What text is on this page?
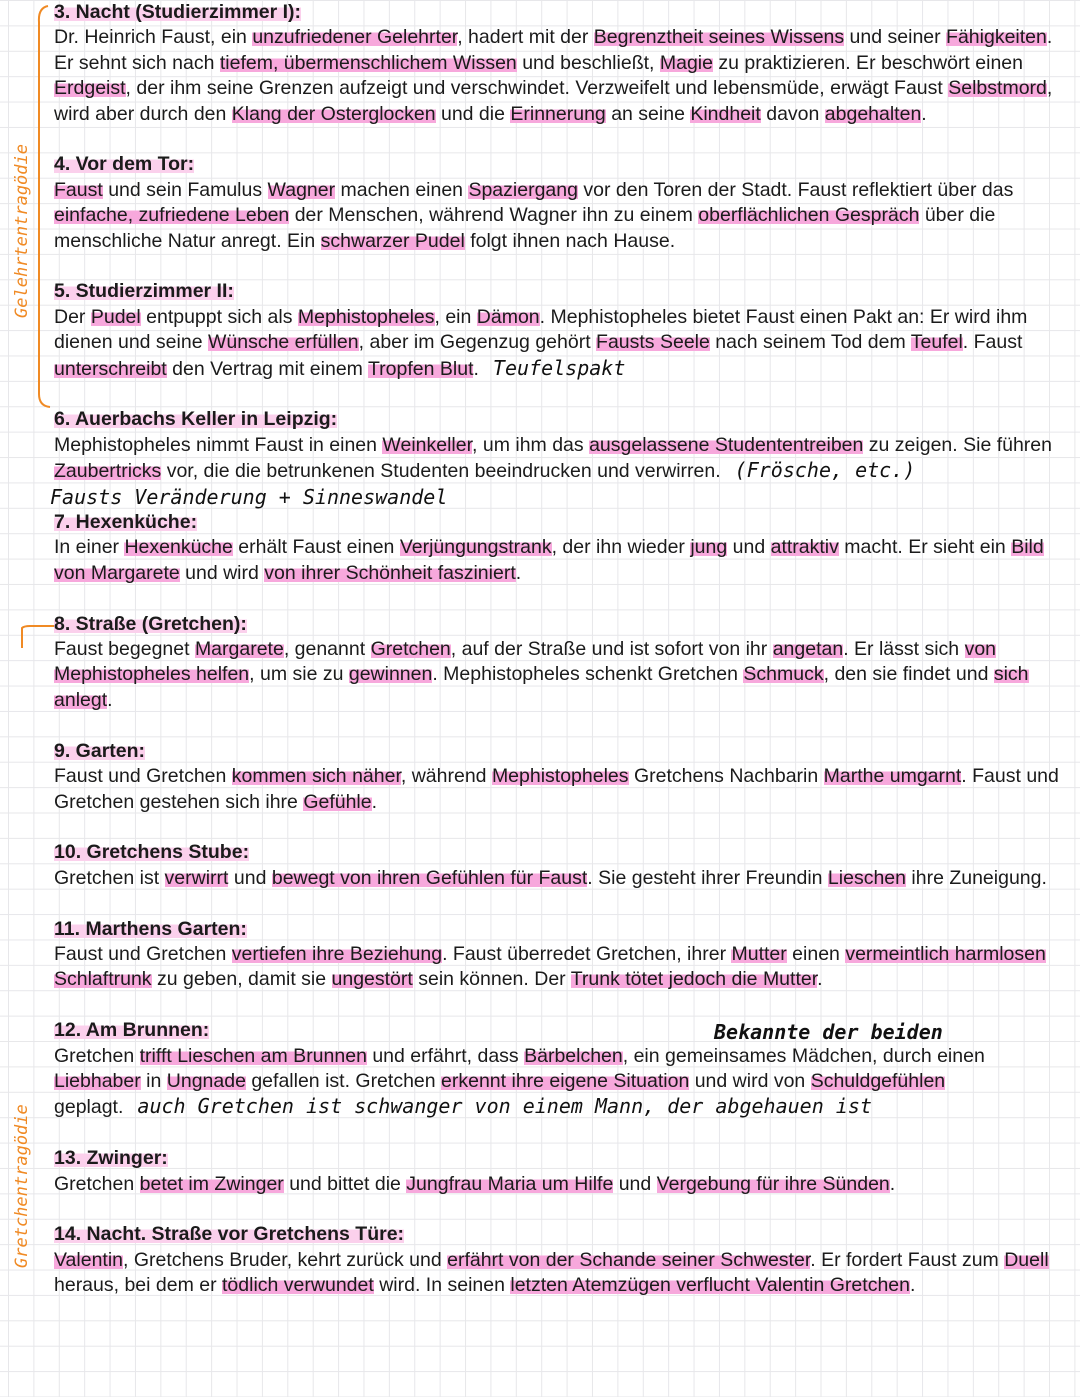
Gelehrtentragödie
Gretchentragödie
3. Nacht (Studierzimmer I):
Dr. Heinrich Faust, ein unzufriedener Gelehrter, hadert mit der Begrenztheit seines Wissens und seiner Fähigkeiten. Er sehnt sich nach tiefem, übermenschlichem Wissen und beschließt, Magie zu praktizieren. Er beschwört einen Erdgeist, der ihm seine Grenzen aufzeigt und verschwindet. Verzweifelt und lebensmüde, erwägt Faust Selbstmord, wird aber durch den Klang der Osterglocken und die Erinnerung an seine Kindheit davon abgehalten.
4. Vor dem Tor:
Faust und sein Famulus Wagner machen einen Spaziergang vor den Toren der Stadt. Faust reflektiert über das einfache, zufriedene Leben der Menschen, während Wagner ihn zu einem oberflächlichen Gespräch über die menschliche Natur anregt. Ein schwarzer Pudel folgt ihnen nach Hause.
5. Studierzimmer II:
Der Pudel entpuppt sich als Mephistopheles, ein Dämon. Mephistopheles bietet Faust einen Pakt an: Er wird ihm dienen und seine Wünsche erfüllen, aber im Gegenzug gehört Fausts Seele nach seinem Tod dem Teufel. Faust unterschreibt den Vertrag mit einem Tropfen Blut. Teufelspakt
6. Auerbachs Keller in Leipzig:
Mephistopheles nimmt Faust in einen Weinkeller, um ihm das ausgelassene Studententreiben zu zeigen. Sie führen Zaubertricks vor, die die betrunkenen Studenten beeindrucken und verwirren. (Frösche, etc.)
Fausts Veränderung + Sinneswandel
7. Hexenküche:
In einer Hexenküche erhält Faust einen Verjüngungstrank, der ihn wieder jung und attraktiv macht. Er sieht ein Bild von Margarete und wird von ihrer Schönheit fasziniert.
8. Straße (Gretchen):
Faust begegnet Margarete, genannt Gretchen, auf der Straße und ist sofort von ihr angetan. Er lässt sich von Mephistopheles helfen, um sie zu gewinnen. Mephistopheles schenkt Gretchen Schmuck, den sie findet und sich anlegt.
9. Garten:
Faust und Gretchen kommen sich näher, während Mephistopheles Gretchens Nachbarin Marthe umgarnt. Faust und Gretchen gestehen sich ihre Gefühle.
10. Gretchens Stube:
Gretchen ist verwirrt und bewegt von ihren Gefühlen für Faust. Sie gesteht ihrer Freundin Lieschen ihre Zuneigung.
11. Marthens Garten:
Faust und Gretchen vertiefen ihre Beziehung. Faust überredet Gretchen, ihrer Mutter einen vermeintlich harmlosen Schlaftrunk zu geben, damit sie ungestört sein können. Der Trunk tötet jedoch die Mutter.
12. Am Brunnen:	Bekannte der beiden
Gretchen trifft Lieschen am Brunnen und erfährt, dass Bärbelchen, ein gemeinsames Mädchen, durch einen Liebhaber in Ungnade gefallen ist. Gretchen erkennt ihre eigene Situation und wird von Schuldgefühlen geplagt. auch Gretchen ist schwanger von einem Mann, der abgehauen ist
13. Zwinger:
Gretchen betet im Zwinger und bittet die Jungfrau Maria um Hilfe und Vergebung für ihre Sünden.
14. Nacht. Straße vor Gretchens Türe:
Valentin, Gretchens Bruder, kehrt zurück und erfährt von der Schande seiner Schwester. Er fordert Faust zum Duell heraus, bei dem er tödlich verwundet wird. In seinen letzten Atemzügen verflucht Valentin Gretchen.
